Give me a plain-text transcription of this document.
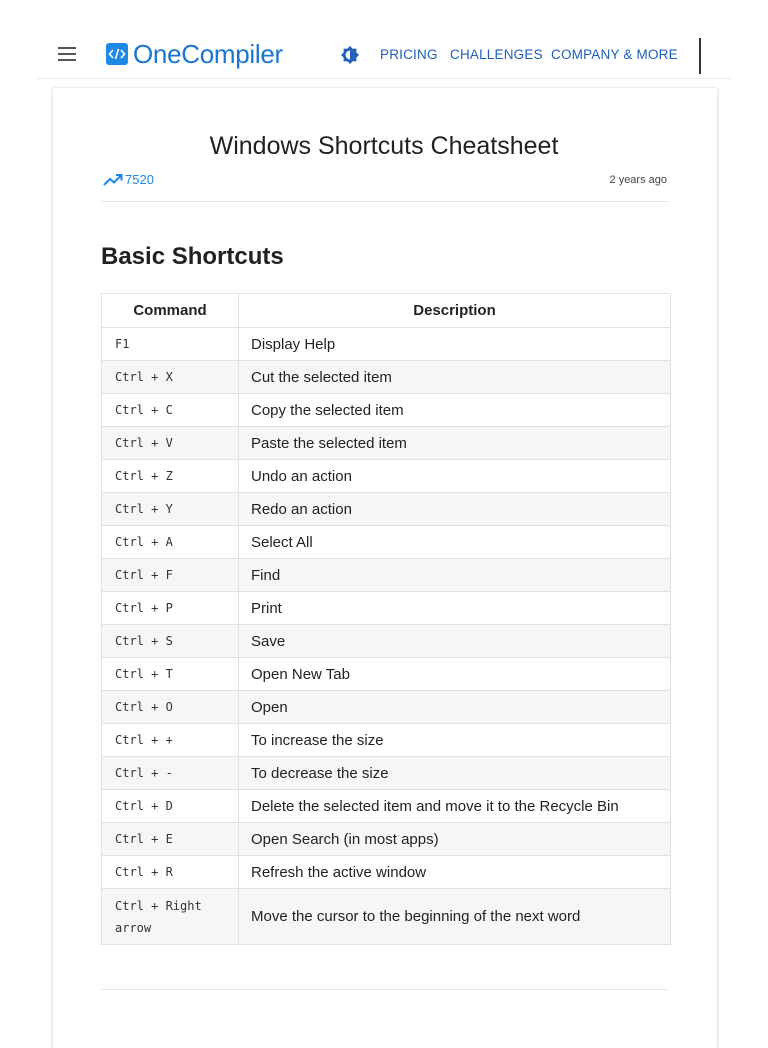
OneCompiler	PRICING CHALLENGES COMPANY & MORE
Windows Shortcuts Cheatsheet
7520	2 years ago
Basic Shortcuts
Command	Description
F1	Display Help
Ctrl + X	Cut the selected item
Ctrl + C	Copy the selected item
Ctrl + V	Paste the selected item
Ctrl + Z	Undo an action
Ctrl + Y	Redo an action
Ctrl + A	Select All
Ctrl + F	Find
Ctrl + P	Print
Ctrl + S	Save
Ctrl + T	Open New Tab
Ctrl + O	Open
Ctrl + +	To increase the size
Ctrl + -	To decrease the size
Ctrl + D	Delete the selected item and move it to the Recycle Bin
Ctrl + E	Open Search (in most apps)
Ctrl + R	Refresh the active window
Ctrl + Right arrow	Move the cursor to the beginning of the next word
